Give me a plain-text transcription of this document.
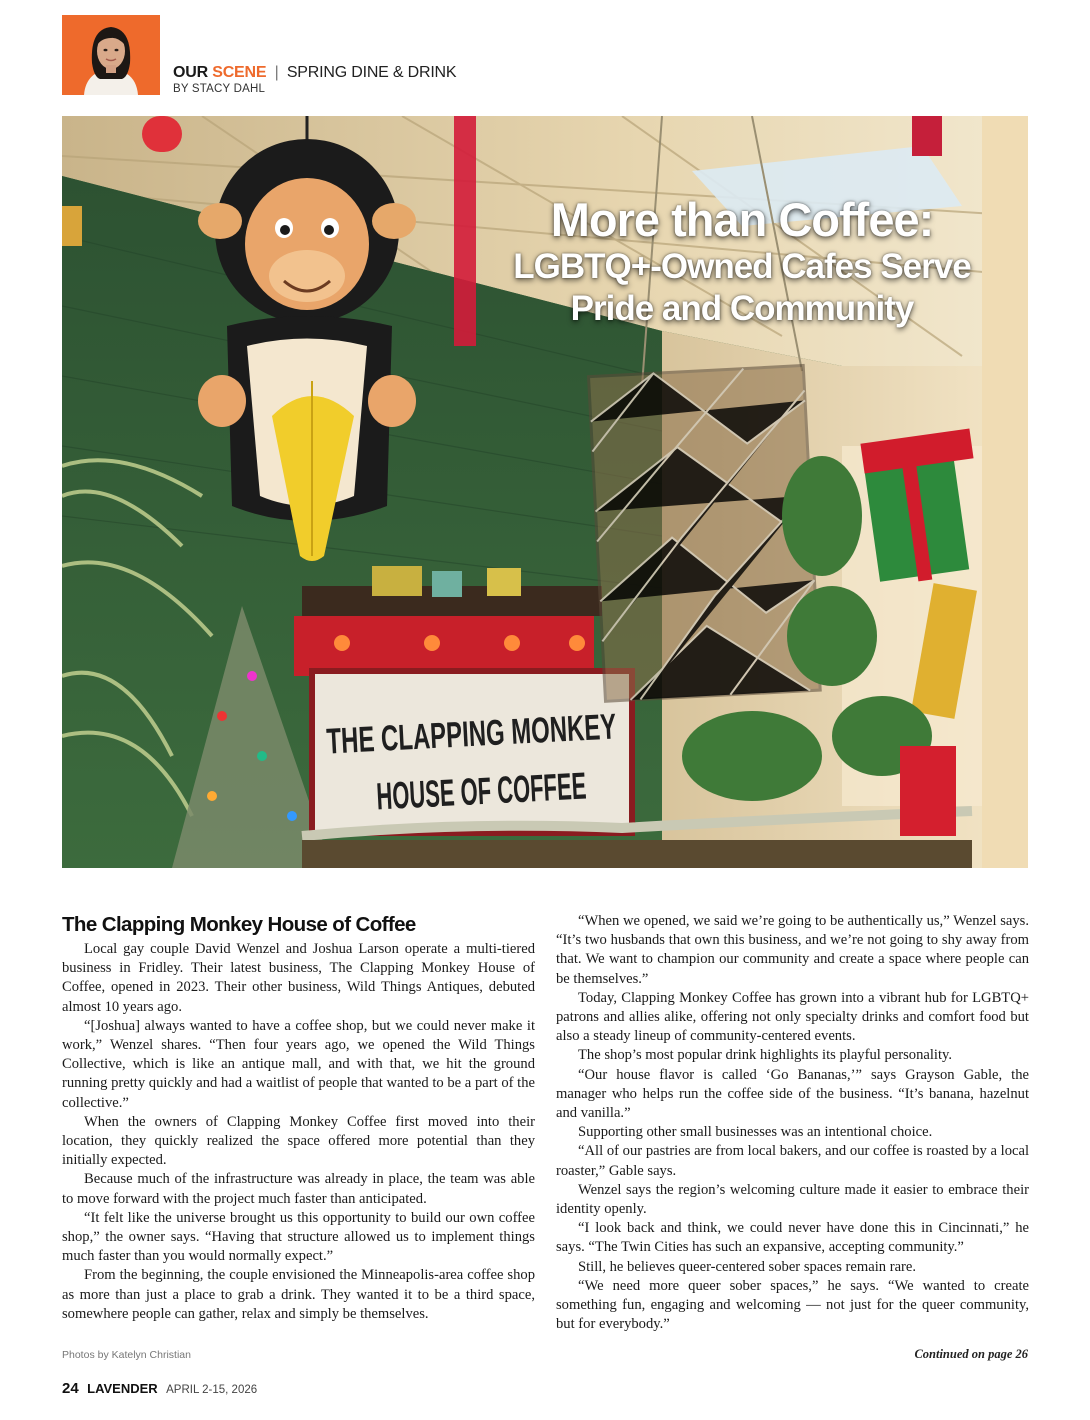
OUR SCENE | SPRING DINE & DRINK
BY STACY DAHL
THE CLAPPING MONKEY
HOUSE OF COFFEE
More than Coffee:
LGBTQ+-Owned Cafes Serve
Pride and Community
The Clapping Monkey House of Coffee

Local gay couple David Wenzel and Joshua Larson operate a multi-tiered business in Fridley. Their latest business, The Clapping Monkey House of Coffee, opened in 2023. Their other business, Wild Things Antiques, debuted almost 10 years ago.

“[Joshua] always wanted to have a coffee shop, but we could never make it work,” Wenzel shares. “Then four years ago, we opened the Wild Things Collective, which is like an antique mall, and with that, we hit the ground running pretty quickly and had a waitlist of people that wanted to be a part of the collective.”

When the owners of Clapping Monkey Coffee first moved into their location, they quickly realized the space offered more potential than they initially expected.

Because much of the infrastructure was already in place, the team was able to move forward with the project much faster than anticipated.

“It felt like the universe brought us this opportunity to build our own coffee shop,” the owner says. “Having that structure allowed us to implement things much faster than you would normally expect.”

From the beginning, the couple envisioned the Minneapolis-area coffee shop as more than just a place to grab a drink. They wanted it to be a third space, somewhere people can gather, relax and simply be themselves.

“When we opened, we said we’re going to be authentically us,” Wenzel says. “It’s two husbands that own this business, and we’re not going to shy away from that. We want to champion our community and create a space where people can be themselves.”

Today, Clapping Monkey Coffee has grown into a vibrant hub for LGBTQ+ patrons and allies alike, offering not only specialty drinks and comfort food but also a steady lineup of community-centered events.

The shop’s most popular drink highlights its playful personality.

“Our house flavor is called ‘Go Bananas,’” says Grayson Gable, the manager who helps run the coffee side of the business. “It’s banana, hazelnut and vanilla.”

Supporting other small businesses was an intentional choice.

“All of our pastries are from local bakers, and our coffee is roasted by a local roaster,” Gable says.

Wenzel says the region’s welcoming culture made it easier to embrace their identity openly.

“I look back and think, we could never have done this in Cincinnati,” he says. “The Twin Cities has such an expansive, accepting community.”

Still, he believes queer-centered sober spaces remain rare.

“We need more queer sober spaces,” he says. “We wanted to create something fun, engaging and welcoming — not just for the queer community, but for everybody.”

Photos by Katelyn Christian	Continued on page 26
24 LAVENDER APRIL 2-15, 2026
